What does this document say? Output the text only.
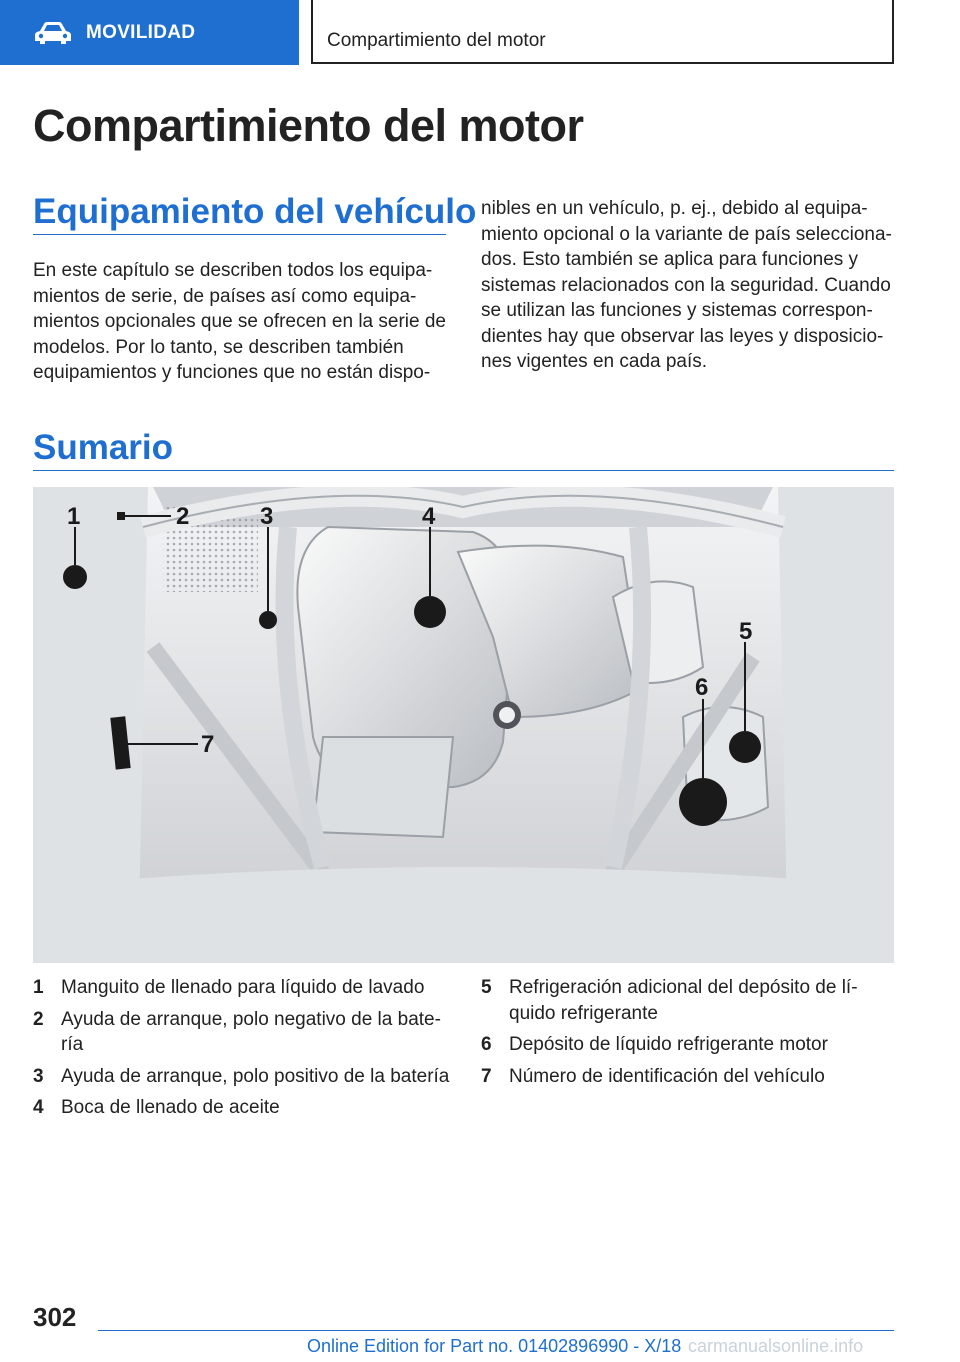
MOVILIDAD	Compartimiento del motor
Compartimiento del motor
Equipamiento del vehículo
En este capítulo se describen todos los equipa-
mientos de serie, de países así como equipa-
mientos opcionales que se ofrecen en la serie de
modelos. Por lo tanto, se describen también
equipamientos y funciones que no están dispo-
nibles en un vehículo, p. ej., debido al equipa-
miento opcional o la variante de país selecciona-
dos. Esto también se aplica para funciones y
sistemas relacionados con la seguridad. Cuando
se utilizan las funciones y sistemas correspon-
dientes hay que observar las leyes y disposicio-
nes vigentes en cada país.
Sumario
1	2	3	4
5
6
7
1 Manguito de llenado para líquido de lavado
2 Ayuda de arranque, polo negativo de la bate-ría
3 Ayuda de arranque, polo positivo de la batería
4 Boca de llenado de aceite
5 Refrigeración adicional del depósito de lí-quido refrigerante
6 Depósito de líquido refrigerante motor
7 Número de identificación del vehículo
302
Online Edition for Part no. 01402896990 - X/18 carmanualsonline.info
